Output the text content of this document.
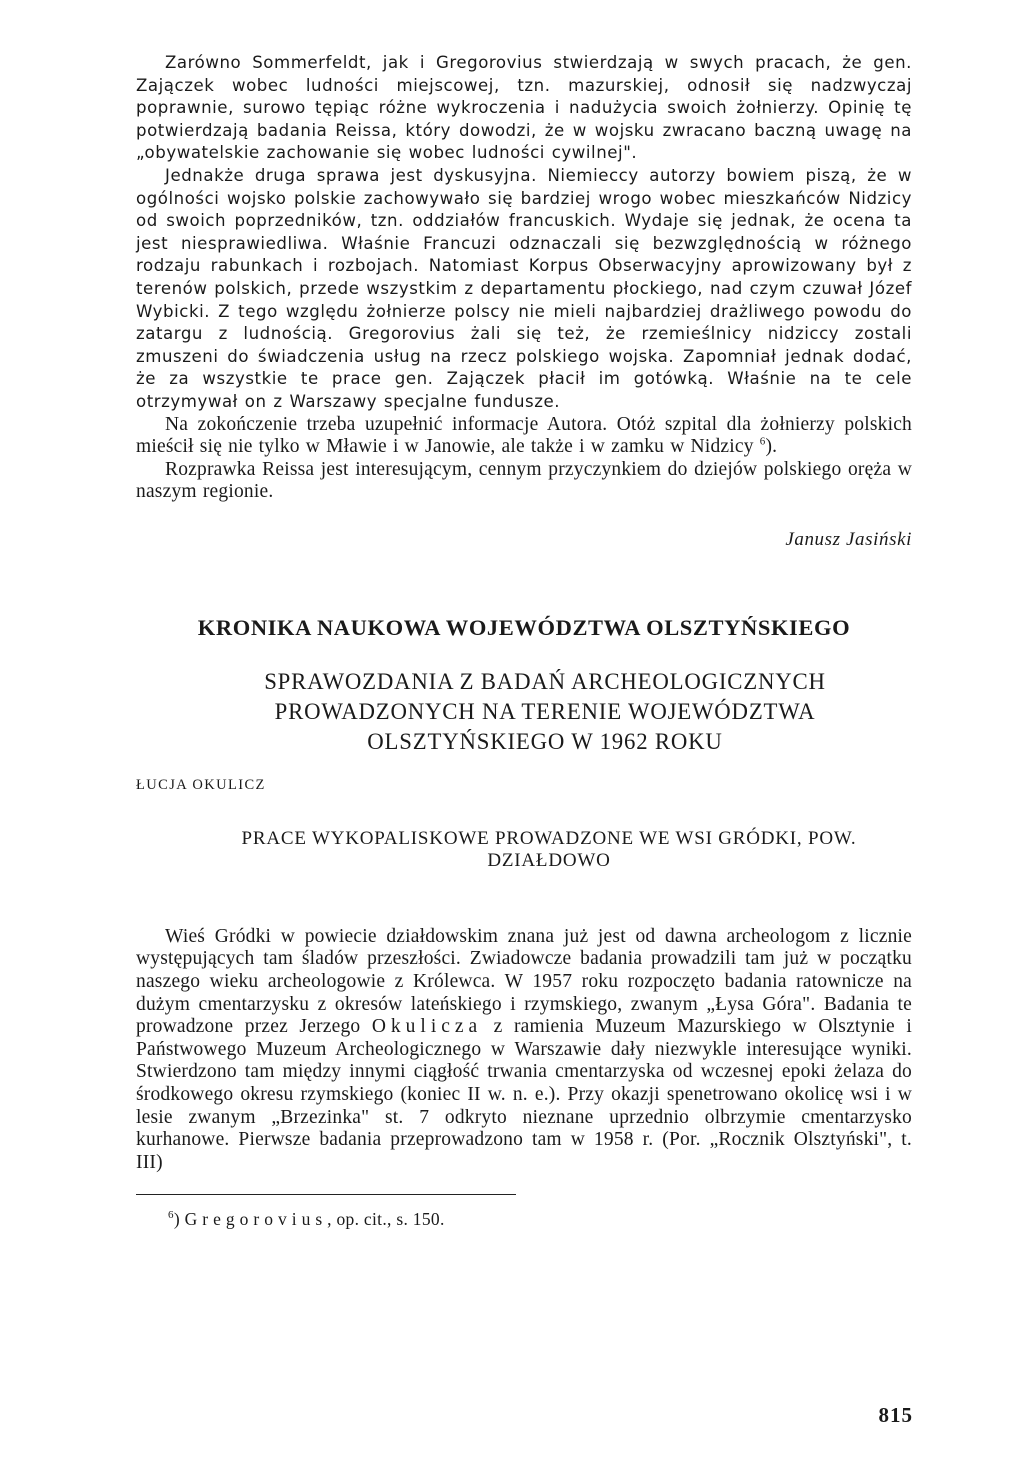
Zarówno Sommerfeldt, jak i Gregorovius stwierdzają w swych pracach, że gen. Zajączek wobec ludności miejscowej, tzn. mazurskiej, odnosił się nadzwyczaj poprawnie, surowo tępiąc różne wykroczenia i nadużycia swoich żołnierzy. Opinię tę potwierdzają badania Reissa, który dowodzi, że w wojsku zwracano baczną uwagę na „obywatelskie zachowanie się wobec ludności cywilnej".

Jednakże druga sprawa jest dyskusyjna. Niemieccy autorzy bowiem piszą, że w ogólności wojsko polskie zachowywało się bardziej wrogo wobec mieszkańców Nidzicy od swoich poprzedników, tzn. oddziałów francuskich. Wydaje się jednak, że ocena ta jest niesprawiedliwa. Właśnie Francuzi odznaczali się bezwzględnością w różnego rodzaju rabunkach i rozbojach. Natomiast Korpus Obserwacyjny aprowizowany był z terenów polskich, przede wszystkim z departamentu płockiego, nad czym czuwał Józef Wybicki. Z tego względu żołnierze polscy nie mieli najbardziej drażliwego powodu do zatargu z ludnością. Gregorovius żali się też, że rzemieślnicy nidziccy zostali zmuszeni do świadczenia usług na rzecz polskiego wojska. Zapomniał jednak dodać, że za wszystkie te prace gen. Zajączek płacił im gotówką. Właśnie na te cele otrzymywał on z Warszawy specjalne fundusze.

Na zokończenie trzeba uzupełnić informacje Autora. Otóż szpital dla żołnierzy polskich mieścił się nie tylko w Mławie i w Janowie, ale także i w zamku w Nidzicy $^6$).

Rozprawka Reissa jest interesującym, cennym przyczynkiem do dziejów polskiego oręża w naszym regionie.

Janusz Jasiński
KRONIKA NAUKOWA WOJEWÓDZTWA OLSZTYŃSKIEGO
SPRAWOZDANIA Z BADAŃ ARCHEOLOGICZNYCH PROWADZONYCH NA TERENIE WOJEWÓDZTWA OLSZTYŃSKIEGO W 1962 ROKU
ŁUCJA OKULICZ
PRACE WYKOPALISKOWE PROWADZONE WE WSI GRÓDKI, POW. DZIAŁDOWO

Wieś Gródki w powiecie działdowskim znana już jest od dawna archeologom z licznie występujących tam śladów przeszłości. Zwiadowcze badania prowadzili tam już w początku naszego wieku archeologowie z Królewca. W 1957 roku rozpoczęto badania ratownicze na dużym cmentarzysku z okresów lateńskiego i rzymskiego, zwanym „Łysa Góra". Badania te prowadzone przez Jerzego Okulicza z ramienia Muzeum Mazurskiego w Olsztynie i Państwowego Muzeum Archeologicznego w Warszawie dały niezwykle interesujące wyniki. Stwierdzono tam między innymi ciągłość trwania cmentarzyska od wczesnej epoki żelaza do środkowego okresu rzymskiego (koniec II w. n. e.). Przy okazji spenetrowano okolicę wsi i w lesie zwanym „Brzezinka" st. 7 odkryto nieznane uprzednio olbrzymie cmentarzysko kurhanowe. Pierwsze badania przeprowadzono tam w 1958 r. (Por. „Rocznik Olsztyński", t. III)

$^6$) Gregorovius, op. cit., s. 150.
815
